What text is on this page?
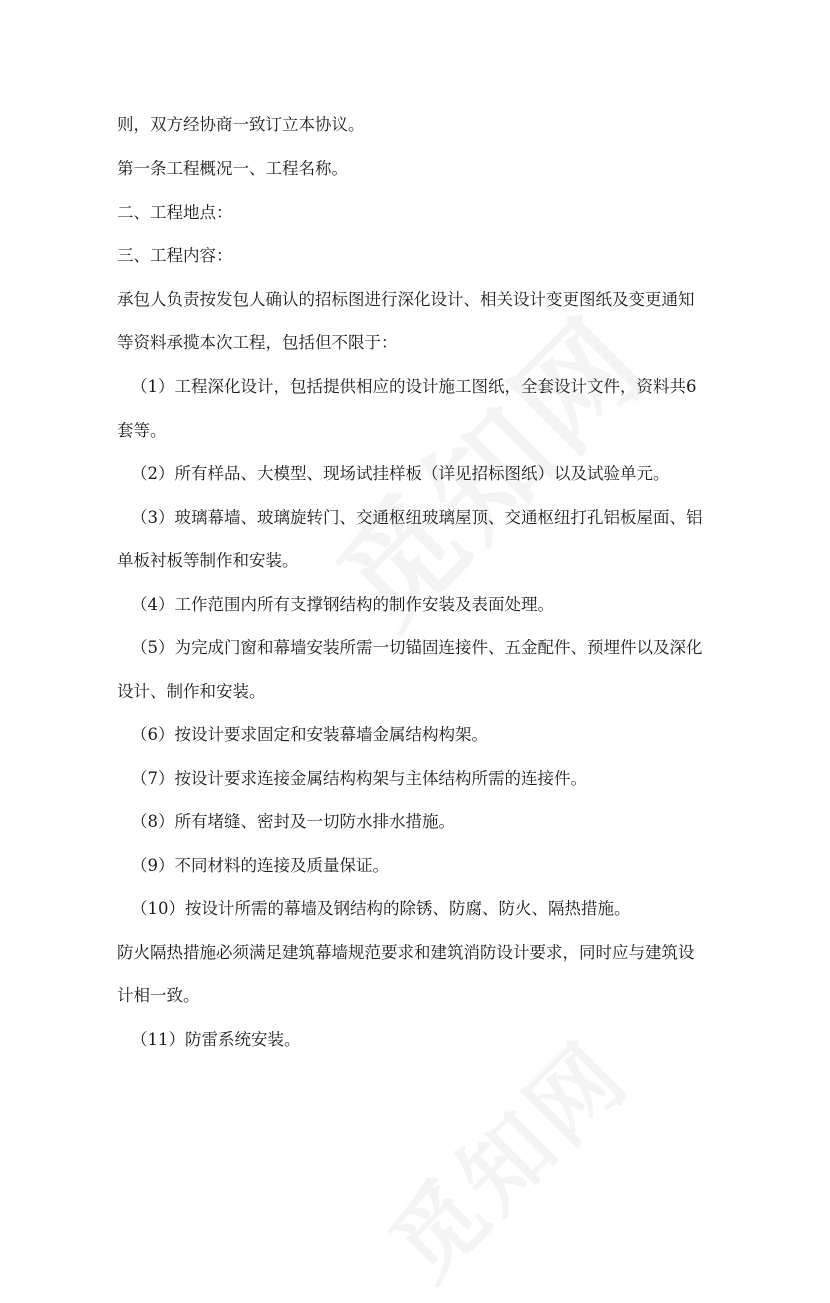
则，双方经协商一致订立本协议。

第一条工程概况一、工程名称。

二、工程地点：

三、工程内容：

承包人负责按发包人确认的招标图进行深化设计、相关设计变更图纸及变更通知

等资料承揽本次工程，包括但不限于：

（1）工程深化设计，包括提供相应的设计施工图纸，全套设计文件，资料共6

套等。

（2）所有样品、大模型、现场试挂样板（详见招标图纸）以及试验单元。

（3）玻璃幕墙、玻璃旋转门、交通枢纽玻璃屋顶、交通枢纽打孔铝板屋面、铝

单板衬板等制作和安装。

（4）工作范围内所有支撑钢结构的制作安装及表面处理。

（5）为完成门窗和幕墙安装所需一切锚固连接件、五金配件、预埋件以及深化

设计、制作和安装。

（6）按设计要求固定和安装幕墙金属结构构架。

（7）按设计要求连接金属结构构架与主体结构所需的连接件。

（8）所有堵缝、密封及一切防水排水措施。

（9）不同材料的连接及质量保证。

（10）按设计所需的幕墙及钢结构的除锈、防腐、防火、隔热措施。

防火隔热措施必须满足建筑幕墙规范要求和建筑消防设计要求，同时应与建筑设

计相一致。

（11）防雷系统安装。
